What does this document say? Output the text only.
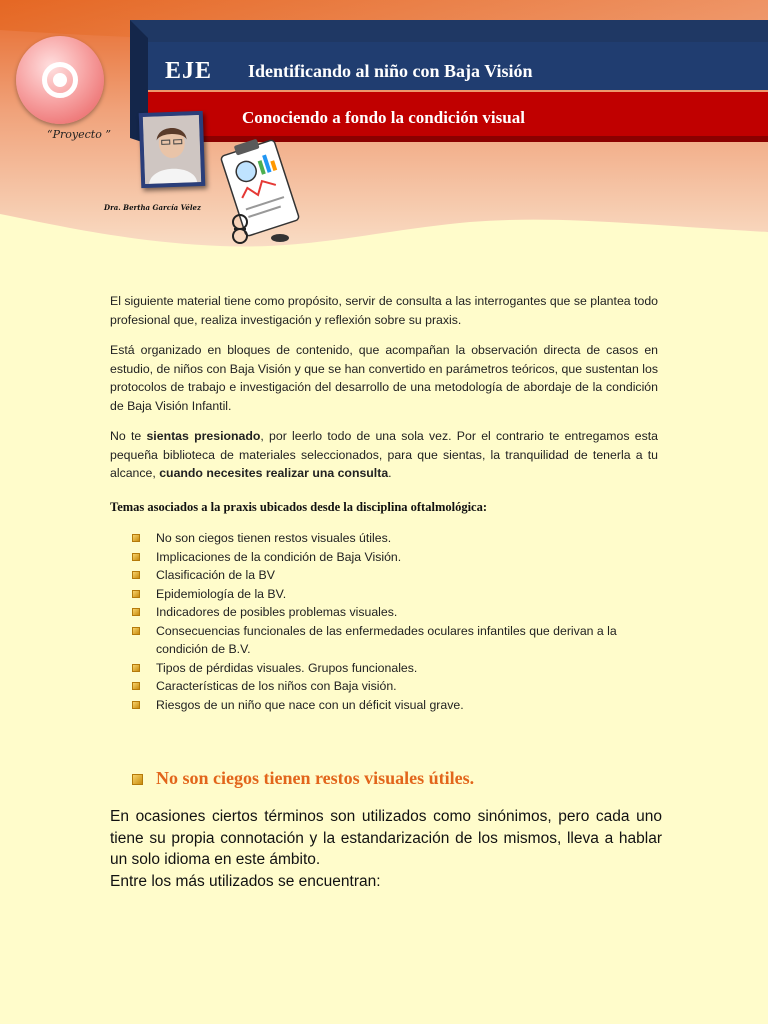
“Proyecto ”
EJE Identificando al niño con Baja Visión
Conociendo a fondo la condición visual
Dra. Bertha García Vélez

El siguiente material tiene como propósito, servir de consulta a las interrogantes que se plantea todo profesional que, realiza investigación y reflexión sobre su praxis.

Está organizado en bloques de contenido, que acompañan la observación directa de casos en estudio, de niños con Baja Visión y que se han convertido en parámetros teóricos, que sustentan los protocolos de trabajo e investigación del desarrollo de una metodología de abordaje de la condición de Baja Visión Infantil.

No te sientas presionado, por leerlo todo de una sola vez. Por el contrario te entregamos esta pequeña biblioteca de materiales seleccionados, para que sientas, la tranquilidad de tenerla a tu alcance, cuando necesites realizar una consulta.

Temas asociados a la praxis ubicados desde la disciplina oftalmológica:
No son ciegos tienen restos visuales útiles.
Implicaciones de la condición de Baja Visión.
Clasificación de la BV
Epidemiología de la BV.
Indicadores de posibles problemas visuales.
Consecuencias funcionales de las enfermedades oculares infantiles que derivan a la condición de B.V.
Tipos de pérdidas visuales. Grupos funcionales.
Características de los niños con Baja visión.
Riesgos de un niño que nace con un déficit visual grave.
No son ciegos tienen restos visuales útiles.

En ocasiones ciertos términos son utilizados como sinónimos, pero cada uno tiene su propia connotación y la estandarización de los mismos, lleva a hablar un solo idioma en este ámbito.

Entre los más utilizados se encuentran:
